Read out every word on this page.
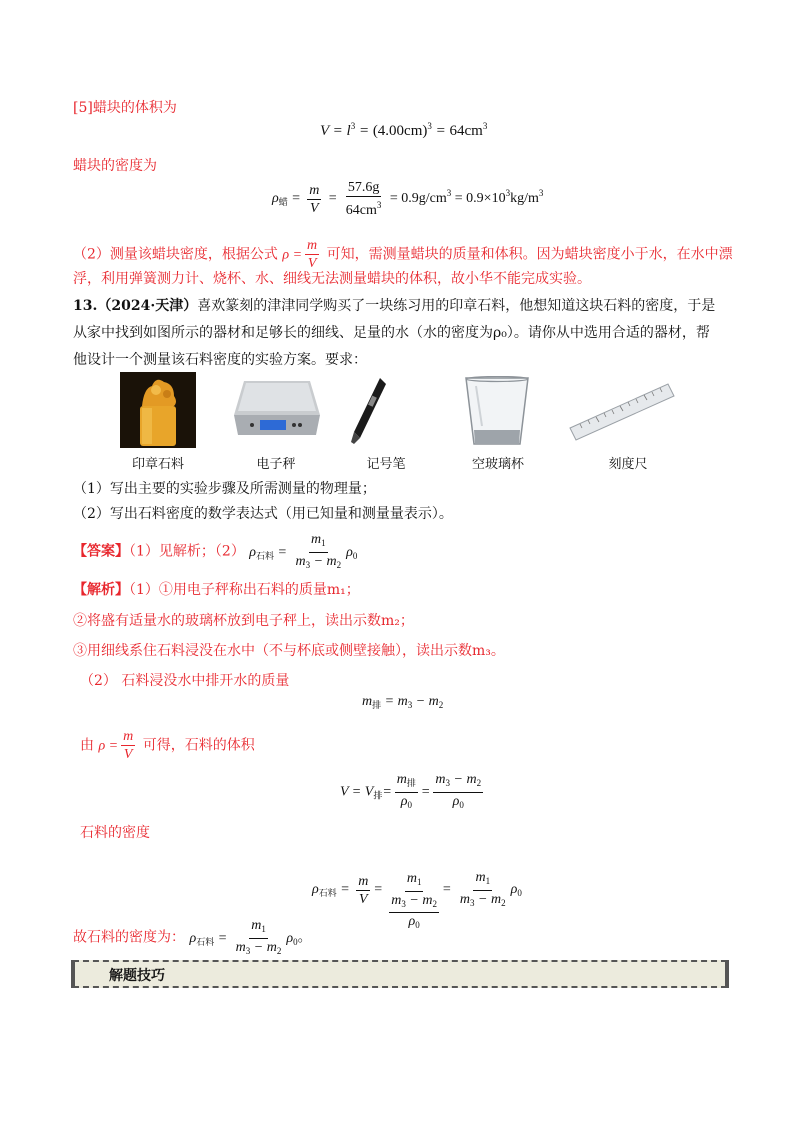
[5]蜡块的体积为
$V = l^3 = (4.00cm)^3 = 64cm^3$
蜡块的密度为
$\rho_蜡 = \frac{m}{V} = \frac{57.6g}{64cm^3} = 0.9g/cm^3 = 0.9\times 10^3kg/m^3$
（2）测量该蜡块密度，根据公式 $\rho = \frac{m}{V}$ 可知，需测量蜡块的质量和体积。因为蜡块密度小于水，在水中漂
浮，利用弹簧测力计、烧杯、水、细线无法测量蜡块的体积，故小华不能完成实验。
13.（2024·天津）喜欢篆刻的津津同学购买了一块练习用的印章石料，他想知道这块石料的密度，于是
从家中找到如图所示的器材和足够长的细线、足量的水（水的密度为ρ₀）。请你从中选用合适的器材，帮
他设计一个测量该石料密度的实验方案。要求：
印章石料	电子秤	记号笔	空玻璃杯	刻度尺
（1）写出主要的实验步骤及所需测量的物理量；
（2）写出石料密度的数学表达式（用已知量和测量量表示）。
【答案】（1）见解析；（2） $\rho_{石料} = \frac{m_1}{m_3 - m_2} \rho_0$
【解析】（1）①用电子秤称出石料的质量m₁；
②将盛有适量水的玻璃杯放到电子秤上，读出示数m₂；
③用细线系住石料浸没在水中（不与杯底或侧壁接触），读出示数m₃。
（2） 石料浸没水中排开水的质量
$m_排 = m_3 - m_2$
由 $\rho = \frac{m}{V}$ 可得，石料的体积
$V = V_排= \frac{m_排}{\rho_0} = \frac{m_3 - m_2}{\rho_0}$
石料的密度
$\rho_{石料} = \frac{m}{V}$ =
$m_1$
$m_3 - m_2$
$\rho_0$
= $\frac{m_1}{m_3 - m_2} \rho_0$
故石料的密度为： $\rho_{石料} = \frac{m_1}{m_3 - m_2} \rho_0$。
解题技巧
